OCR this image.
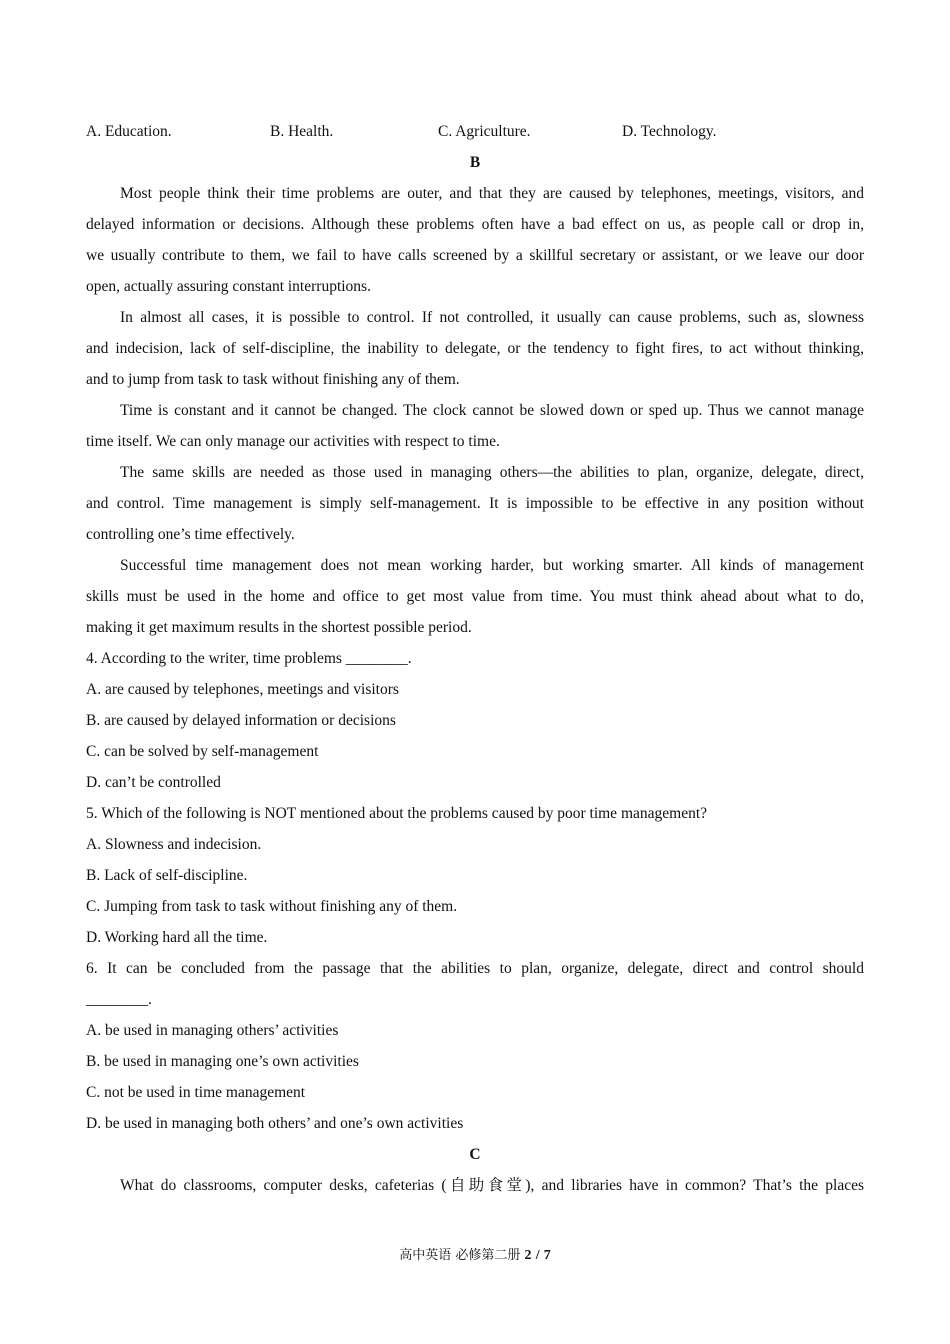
A. Education.	B. Health.	C. Agriculture.	D. Technology.
B
Most people think their time problems are outer, and that they are caused by telephones, meetings, visitors, and
delayed information or decisions. Although these problems often have a bad effect on us, as people call or drop in,
we usually contribute to them, we fail to have calls screened by a skillful secretary or assistant, or we leave our door
open, actually assuring constant interruptions.
In almost all cases, it is possible to control. If not controlled, it usually can cause problems, such as, slowness
and indecision, lack of self-discipline, the inability to delegate, or the tendency to fight fires, to act without thinking,
and to jump from task to task without finishing any of them.
Time is constant and it cannot be changed. The clock cannot be slowed down or sped up. Thus we cannot manage
time itself. We can only manage our activities with respect to time.
The same skills are needed as those used in managing others—the abilities to plan, organize, delegate, direct,
and control. Time management is simply self-management. It is impossible to be effective in any position without
controlling one’s time effectively.
Successful time management does not mean working harder, but working smarter. All kinds of management
skills must be used in the home and office to get most value from time. You must think ahead about what to do,
making it get maximum results in the shortest possible period.
4. According to the writer, time problems ________.
A. are caused by telephones, meetings and visitors
B. are caused by delayed information or decisions
C. can be solved by self-management
D. can’t be controlled
5. Which of the following is NOT mentioned about the problems caused by poor time management?
A. Slowness and indecision.
B. Lack of self-discipline.
C. Jumping from task to task without finishing any of them.
D. Working hard all the time.
6. It can be concluded from the passage that the abilities to plan, organize, delegate, direct and control should
________.
A. be used in managing others’ activities
B. be used in managing one’s own activities
C. not be used in time management
D. be used in managing both others’ and one’s own activities
C
What do classrooms, computer desks, cafeterias (自助食堂), and libraries have in common? That’s the places
高中英语 必修第二册 2 / 7
